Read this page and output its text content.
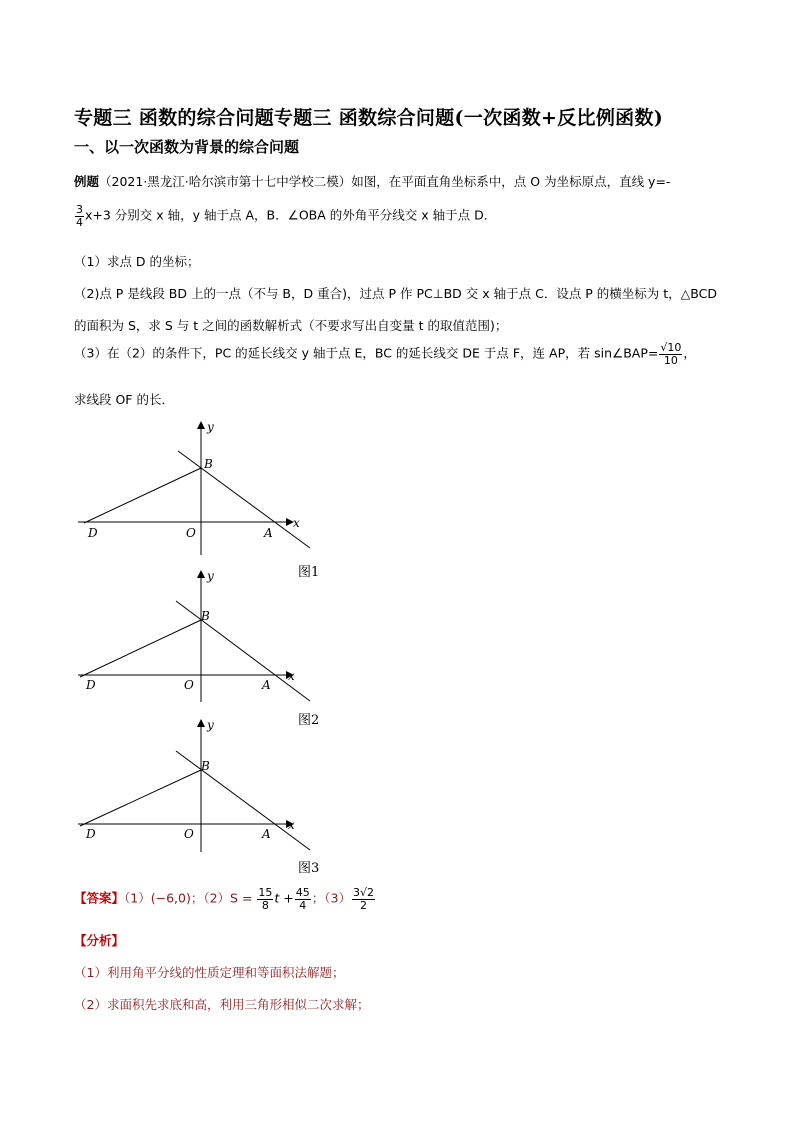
专题三 函数的综合问题专题三 函数综合问题(一次函数+反比例函数)
一、以一次函数为背景的综合问题
例题（2021·黑龙江·哈尔滨市第十七中学校二模）如图，在平面直角坐标系中，点 O 为坐标原点，直线 y=-
$\frac{3}{4} x+3$ 分别交 x 轴，y 轴于点 A，B．∠OBA 的外角平分线交 x 轴于点 D．
（1）求点 D 的坐标；
（2)点 P 是线段 BD 上的一点（不与 B，D 重合)，过点 P 作 PC⊥BD 交 x 轴于点 C．设点 P 的横坐标为 t，△BCD
的面积为 S，求 S 与 t 之间的函数解析式（不要求写出自变量 t 的取值范围)；
（3）在（2）的条件下，PC 的延长线交 y 轴于点 E，BC 的延长线交 DE 于点 F，连 AP，若 sin∠BAP= $\frac{√10}{10}$ ，
求线段 OF 的长．
y
x
B
D	O	A
图1
y
x
B
D	O	A
图2
y
x
B
D	O	A
图3
【答案】（1）(−6,0)；$(2)S = \frac{15}{8}$ $t + \frac{45}{4}$ ；$(3) \frac{3√2}{2}$
【分析】
（1）利用角平分线的性质定理和等面积法解题；
（2）求面积先求底和高，利用三角形相似二次求解；
